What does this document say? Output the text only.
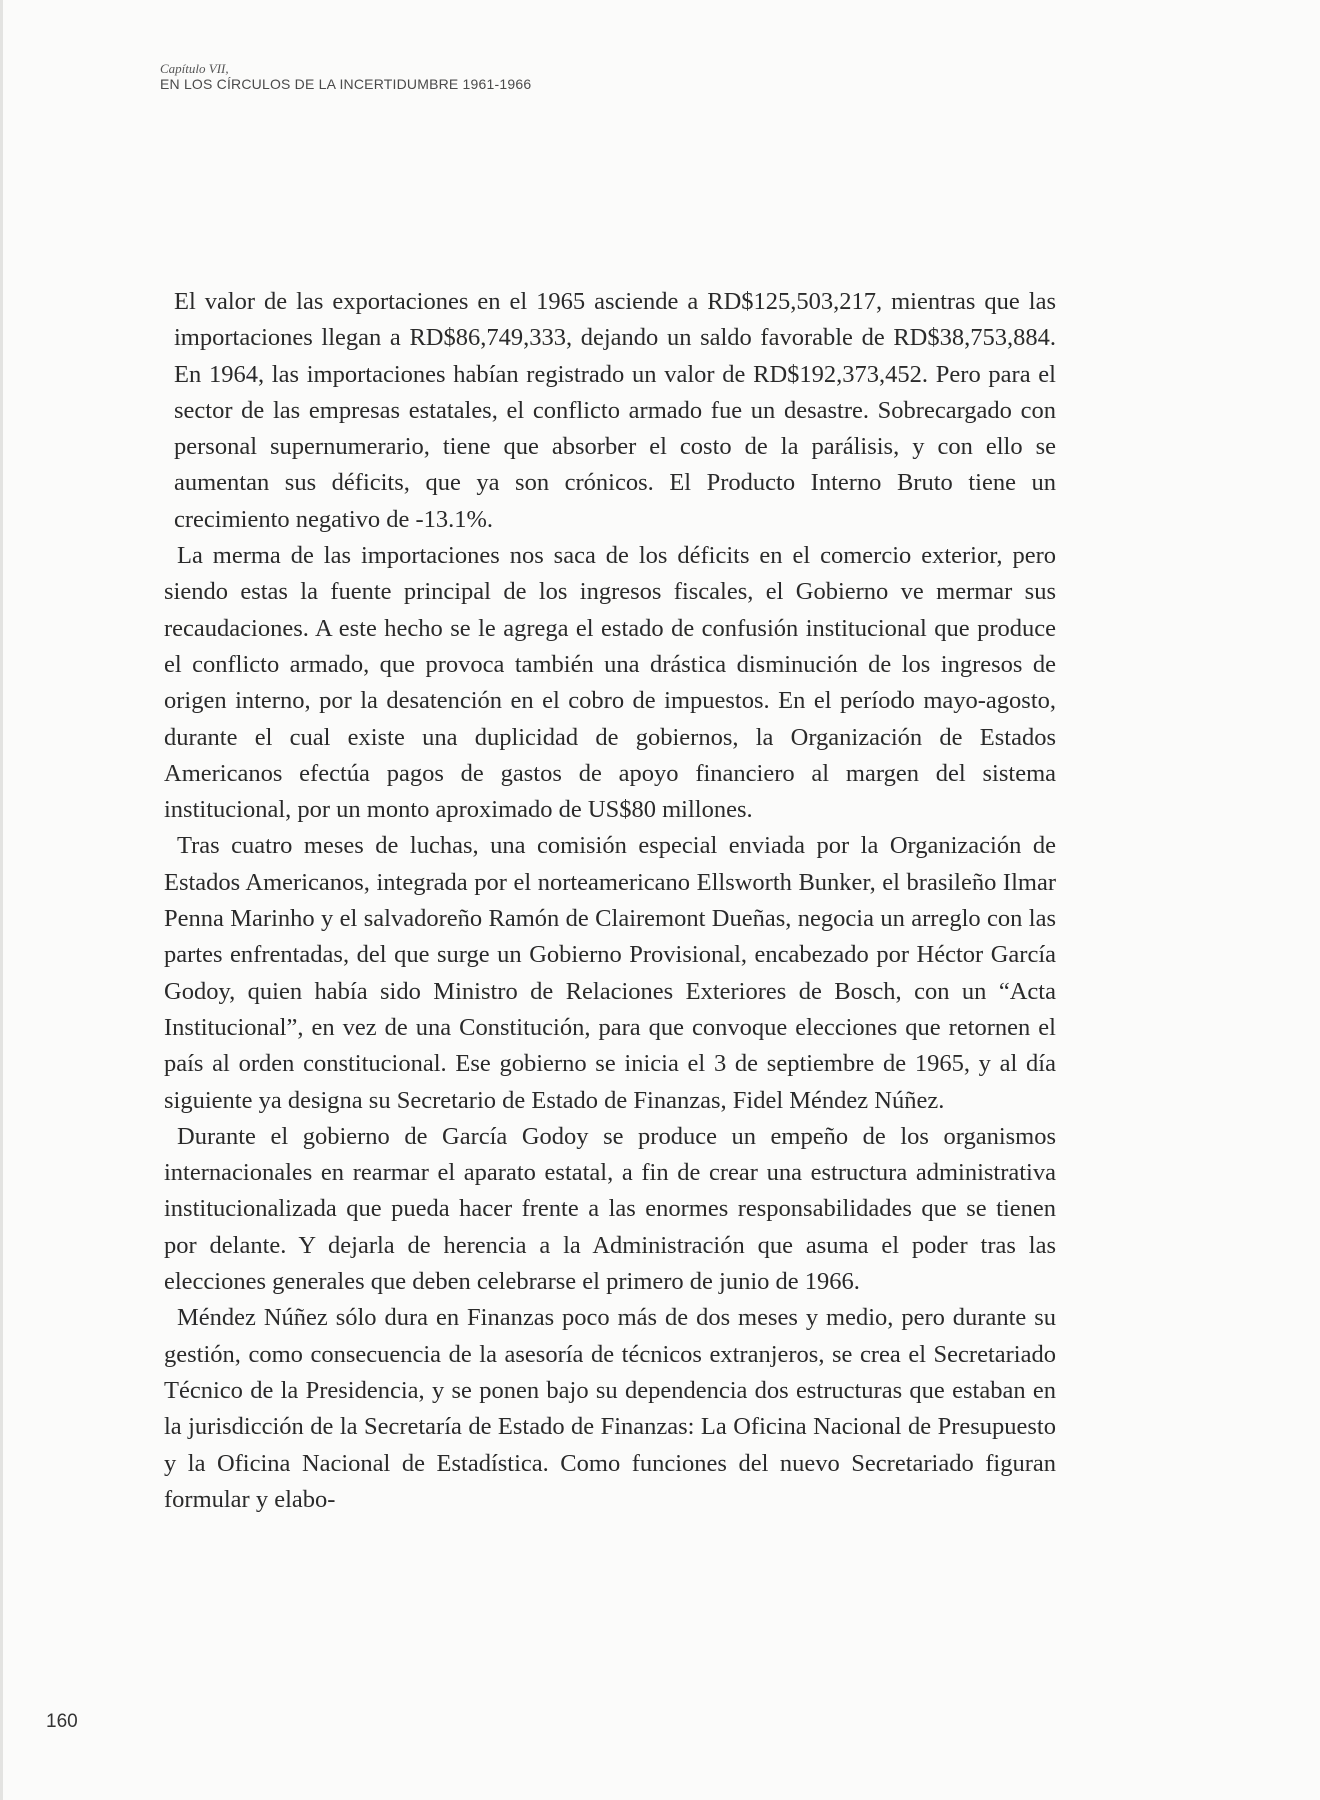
Capítulo VII,
EN LOS CÍRCULOS DE LA INCERTIDUMBRE 1961-1966

El valor de las exportaciones en el 1965 asciende a RD$125,503,217, mientras que las importaciones llegan a RD$86,749,333, dejando un saldo favorable de RD$38,753,884. En 1964, las importaciones habían registrado un valor de RD$192,373,452. Pero para el sector de las empresas estatales, el conflicto armado fue un desastre. Sobrecargado con personal supernumerario, tiene que absorber el costo de la parálisis, y con ello se aumentan sus déficits, que ya son crónicos. El Producto Interno Bruto tiene un crecimiento negativo de -13.1%.

La merma de las importaciones nos saca de los déficits en el comercio exterior, pero siendo estas la fuente principal de los ingresos fiscales, el Gobierno ve mermar sus recaudaciones. A este hecho se le agrega el estado de confusión institucional que produce el conflicto armado, que provoca también una drástica disminución de los ingresos de origen interno, por la desatención en el cobro de impuestos. En el período mayo-agosto, durante el cual existe una duplicidad de gobiernos, la Organización de Estados Americanos efectúa pagos de gastos de apoyo financiero al margen del sistema institucional, por un monto aproximado de US$80 millones.

Tras cuatro meses de luchas, una comisión especial enviada por la Organización de Estados Americanos, integrada por el norteamericano Ellsworth Bunker, el brasileño Ilmar Penna Marinho y el salvadoreño Ramón de Clairemont Dueñas, negocia un arreglo con las partes enfrentadas, del que surge un Gobierno Provisional, encabezado por Héctor García Godoy, quien había sido Ministro de Relaciones Exteriores de Bosch, con un “Acta Institucional”, en vez de una Constitución, para que convoque elecciones que retornen el país al orden constitucional. Ese gobierno se inicia el 3 de septiembre de 1965, y al día siguiente ya designa su Secretario de Estado de Finanzas, Fidel Méndez Núñez.

Durante el gobierno de García Godoy se produce un empeño de los organismos internacionales en rearmar el aparato estatal, a fin de crear una estructura administrativa institucionalizada que pueda hacer frente a las enormes responsabilidades que se tienen por delante. Y dejarla de herencia a la Administración que asuma el poder tras las elecciones generales que deben celebrarse el primero de junio de 1966.

Méndez Núñez sólo dura en Finanzas poco más de dos meses y medio, pero durante su gestión, como consecuencia de la asesoría de técnicos extranjeros, se crea el Secretariado Técnico de la Presidencia, y se ponen bajo su dependencia dos estructuras que estaban en la jurisdicción de la Secretaría de Estado de Finanzas: La Oficina Nacional de Presupuesto y la Oficina Nacional de Estadística. Como funciones del nuevo Secretariado figuran formular y elabo-

160
